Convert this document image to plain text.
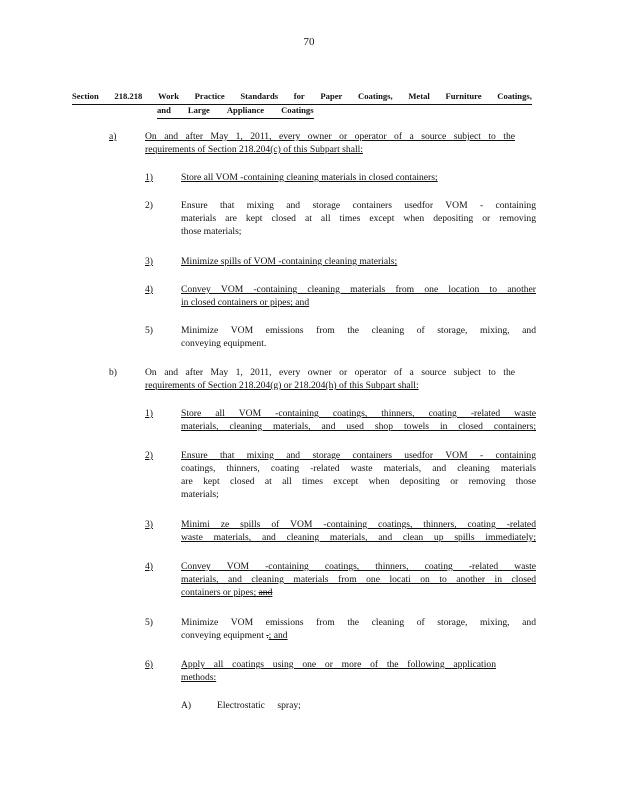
70
Section 218.218 Work Practice Standards for Paper Coatings, Metal Furniture Coatings,
and Large Appliance Coatings
a)	On and after May 1, 2011, every owner or operator of a source subject to the
requirements of Section 218.204(c) of this Subpart shall:
1)	Store all VOM -containing cleaning materials in closed containers;
2)	Ensure that mixing and storage containers usedfor VOM - containing
materials are kept closed at all times except when depositing or removing
those materials;
3)	Minimize spills of VOM -containing cleaning materials;
4)	Convey VOM -containing cleaning materials from one location to another
in closed containers or pipes; and
5)	Minimize VOM emissions from the cleaning of storage, mixing, and
conveying equipment.
b)	On and after May 1, 2011, every owner or operator of a source subject to the
requirements of Section 218.204(g) or 218.204(h) of this Subpart shall:
1)	Store all VOM -containing coatings, thinners, coating -related waste
materials, cleaning materials, and used shop towels in closed containers;
2)	Ensure that mixing and storage containers usedfor VOM - containing
coatings, thinners, coating -related waste materials, and cleaning materials
are kept closed at all times except when depositing or removing those
materials;
3)	Minimi ze spills of VOM -containing coatings, thinners, coating -related
waste materials, and cleaning materials, and clean up spills immediately;
4)	Convey VOM -containing coatings, thinners, coating -related waste
materials, and cleaning materials from one locati on to another in closed
containers or pipes; and
5)	Minimize VOM emissions from the cleaning of storage, mixing, and
conveying equipment .; and
6)	Apply all coatings using one or more of the following application
methods:
A)	Electrostatic spray;
